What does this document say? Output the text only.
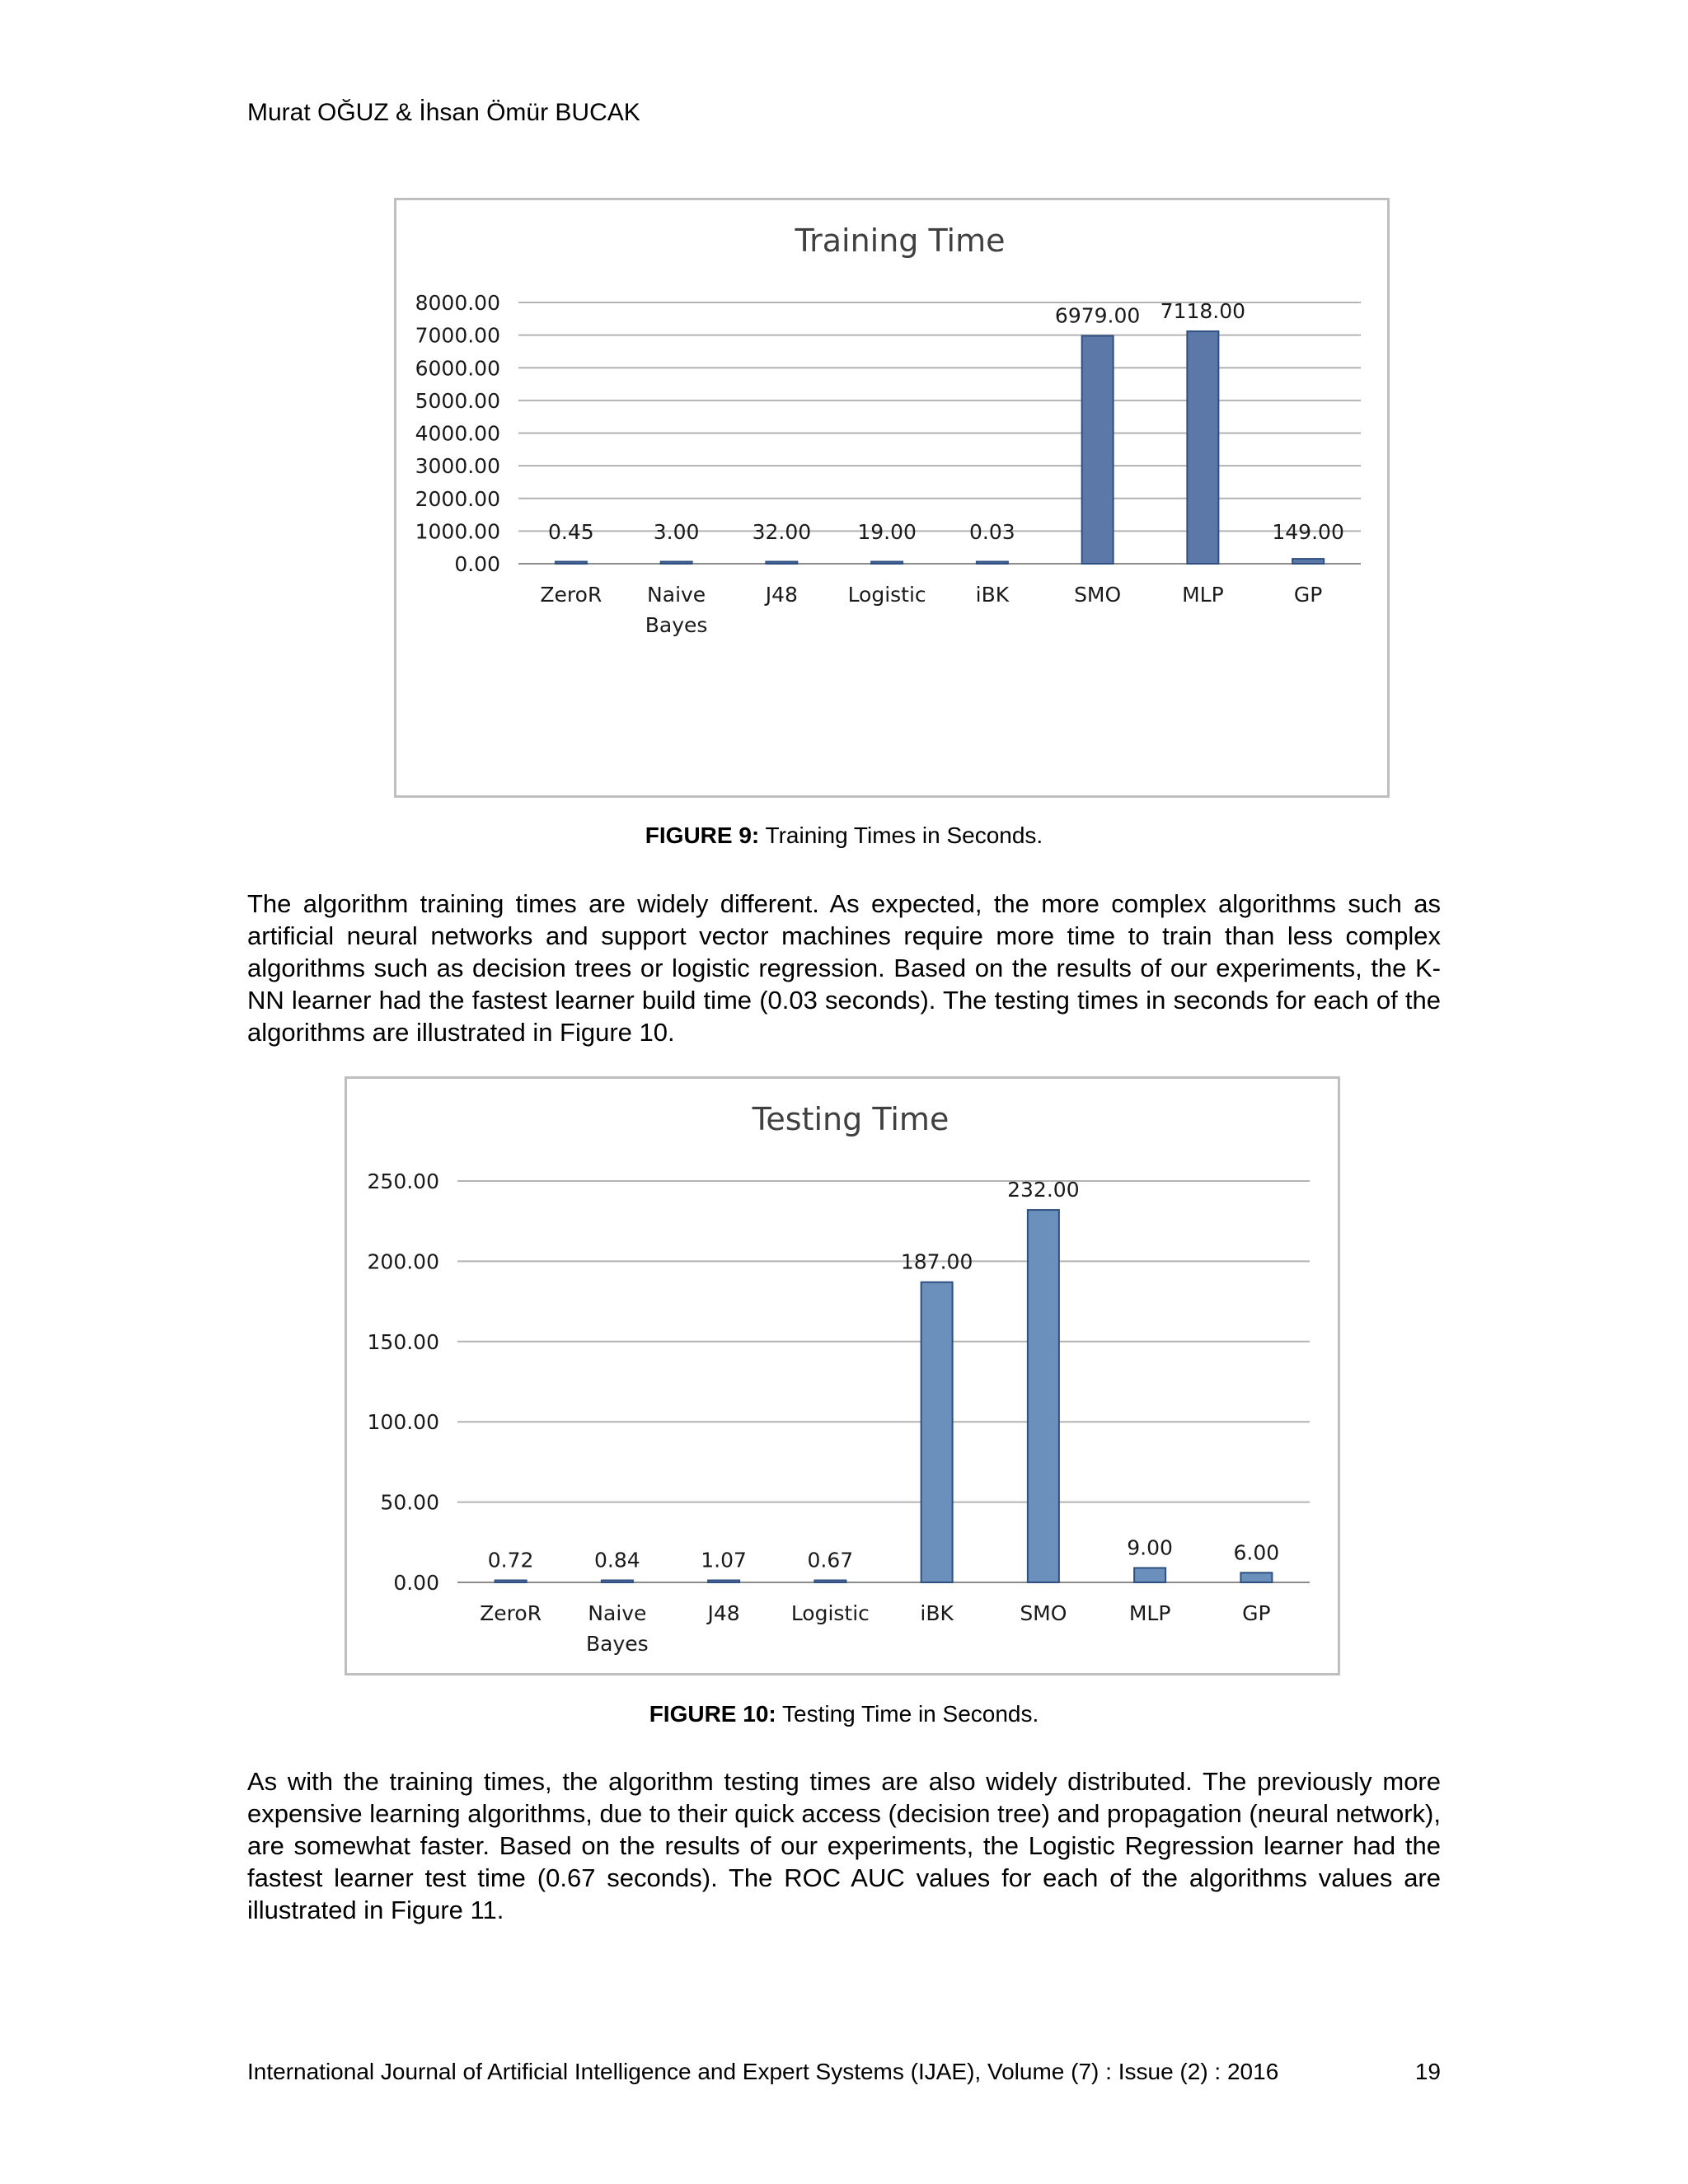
Murat OĞUZ & İhsan Ömür BUCAK
Training Time
0.00
1000.00
2000.00
3000.00
4000.00
5000.00
6000.00
7000.00
8000.00
0.45
ZeroR
3.00
Naive
Bayes
32.00
J48
19.00
Logistic
0.03
iBK
6979.00
SMO
7118.00
MLP
149.00
GP
FIGURE 9: Training Times in Seconds.
The algorithm training times are widely different. As expected, the more complex algorithms such as artificial neural networks and support vector machines require more time to train than less complex algorithms such as decision trees or logistic regression. Based on the results of our experiments, the K-NN learner had the fastest learner build time (0.03 seconds). The testing times in seconds for each of the algorithms are illustrated in Figure 10.
Testing Time
0.00
50.00
100.00
150.00
200.00
250.00
0.72
ZeroR
0.84
Naive
Bayes
1.07
J48
0.67
Logistic
187.00
iBK
232.00
SMO
9.00
MLP
6.00
GP
FIGURE 10: Testing Time in Seconds.
As with the training times, the algorithm testing times are also widely distributed. The previously more expensive learning algorithms, due to their quick access (decision tree) and propagation (neural network), are somewhat faster. Based on the results of our experiments, the Logistic Regression learner had the fastest learner test time (0.67 seconds). The ROC AUC values for each of the algorithms values are illustrated in Figure 11.
International Journal of Artificial Intelligence and Expert Systems (IJAE), Volume (7) : Issue (2) : 2016	19
